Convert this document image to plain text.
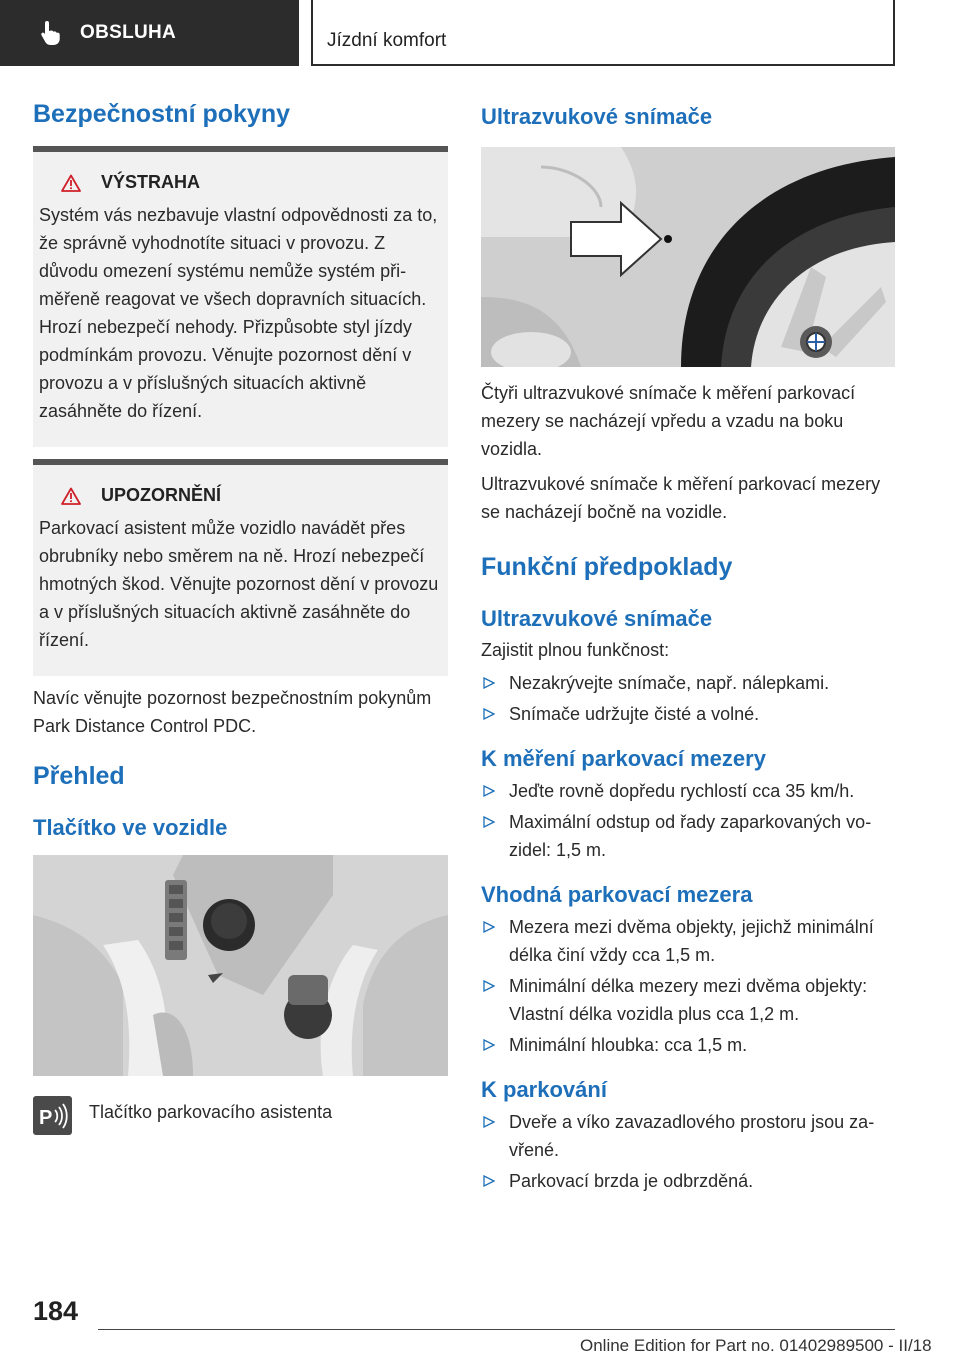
OBSLUHA	Jízdní komfort
Bezpečnostní pokyny
VÝSTRAHA

Systém vás nezbavuje vlastní odpovědnosti za to, že správně vyhodnotíte situaci v provozu. Z důvodu omezení systému nemůže systém přiměřeně reagovat ve všech dopravních situacích. Hrozí nebezpečí nehody. Přizpůsobte styl jízdy podmínkám provozu. Věnujte pozornost dění v provozu a v příslušných situacích aktivně zasáhněte do řízení.

UPOZORNĚNÍ

Parkovací asistent může vozidlo navádět přes obrubníky nebo směrem na ně. Hrozí nebezpečí hmotných škod. Věnujte pozornost dění v provozu a v příslušných situacích aktivně zasáhněte do řízení.

Navíc věnujte pozornost bezpečnostním pokynům Park Distance Control PDC.

Přehled
Tlačítko ve vozidle
P Tlačítko parkovacího asistenta

Ultrazvukové snímače

Čtyři ultrazvukové snímače k měření parkovací mezery se nacházejí vpředu a vzadu na boku vozidla.

Ultrazvukové snímače k měření parkovací mezery se nacházejí bočně na vozidle.

Funkční předpoklady
Ultrazvukové snímače

Zajistit plnou funkčnost:

Nezakrývejte snímače, např. nálepkami.
Snímače udržujte čisté a volné.
K měření parkovací mezery
Jeďte rovně dopředu rychlostí cca 35 km/h.
Maximální odstup od řady zaparkovaných vozidel: 1,5 m.
Vhodná parkovací mezera
Mezera mezi dvěma objekty, jejichž minimální délka činí vždy cca 1,5 m.
Minimální délka mezery mezi dvěma objekty: Vlastní délka vozidla plus cca 1,2 m.
Minimální hloubka: cca 1,5 m.
K parkování
Dveře a víko zavazadlového prostoru jsou zavřené.
Parkovací brzda je odbrzděná.
184
Online Edition for Part no. 01402989500 - II/18
